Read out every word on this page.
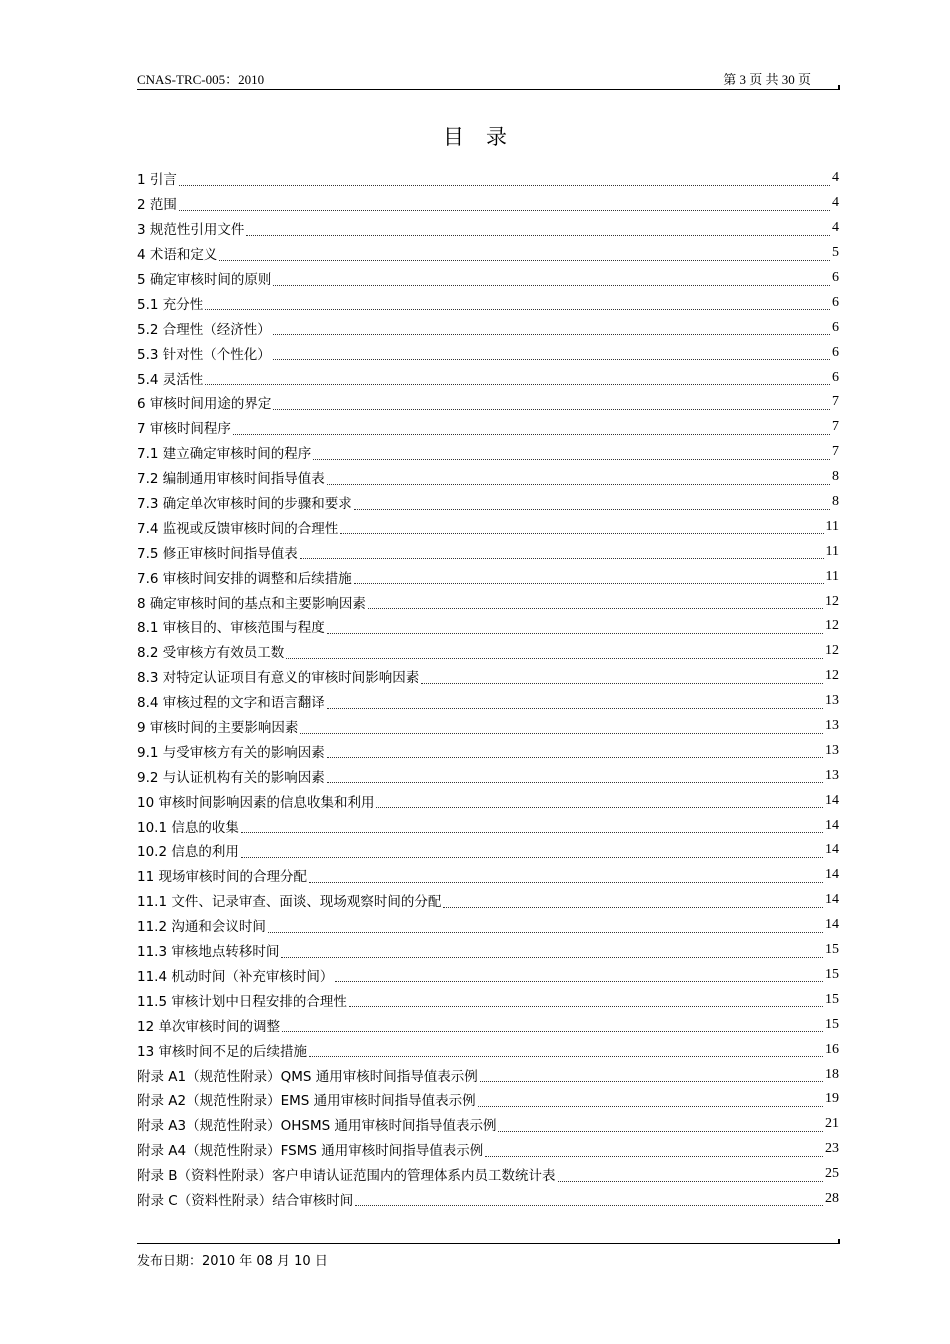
CNAS-TRC-005：2010	第 3 页 共 30 页
目录
1 引言	4
2 范围	4
3 规范性引用文件	4
4 术语和定义	5
5 确定审核时间的原则	6
5.1 充分性	6
5.2 合理性（经济性）	6
5.3 针对性（个性化）	6
5.4 灵活性	6
6 审核时间用途的界定	7
7 审核时间程序	7
7.1 建立确定审核时间的程序	7
7.2 编制通用审核时间指导值表	8
7.3 确定单次审核时间的步骤和要求	8
7.4 监视或反馈审核时间的合理性	11
7.5 修正审核时间指导值表	11
7.6 审核时间安排的调整和后续措施	11
8 确定审核时间的基点和主要影响因素	12
8.1 审核目的、审核范围与程度	12
8.2 受审核方有效员工数	12
8.3 对特定认证项目有意义的审核时间影响因素	12
8.4 审核过程的文字和语言翻译	13
9 审核时间的主要影响因素	13
9.1 与受审核方有关的影响因素	13
9.2 与认证机构有关的影响因素	13
10 审核时间影响因素的信息收集和利用	14
10.1 信息的收集	14
10.2 信息的利用	14
11 现场审核时间的合理分配	14
11.1 文件、记录审查、面谈、现场观察时间的分配	14
11.2 沟通和会议时间	14
11.3 审核地点转移时间	15
11.4 机动时间（补充审核时间）	15
11.5 审核计划中日程安排的合理性	15
12 单次审核时间的调整	15
13 审核时间不足的后续措施	16
附录 A1（规范性附录）QMS 通用审核时间指导值表示例	18
附录 A2（规范性附录）EMS 通用审核时间指导值表示例	19
附录 A3（规范性附录）OHSMS 通用审核时间指导值表示例	21
附录 A4（规范性附录）FSMS 通用审核时间指导值表示例	23
附录 B（资料性附录）客户申请认证范围内的管理体系内员工数统计表	25
附录 C（资料性附录）结合审核时间	28
发布日期：2010 年 08 月 10 日
